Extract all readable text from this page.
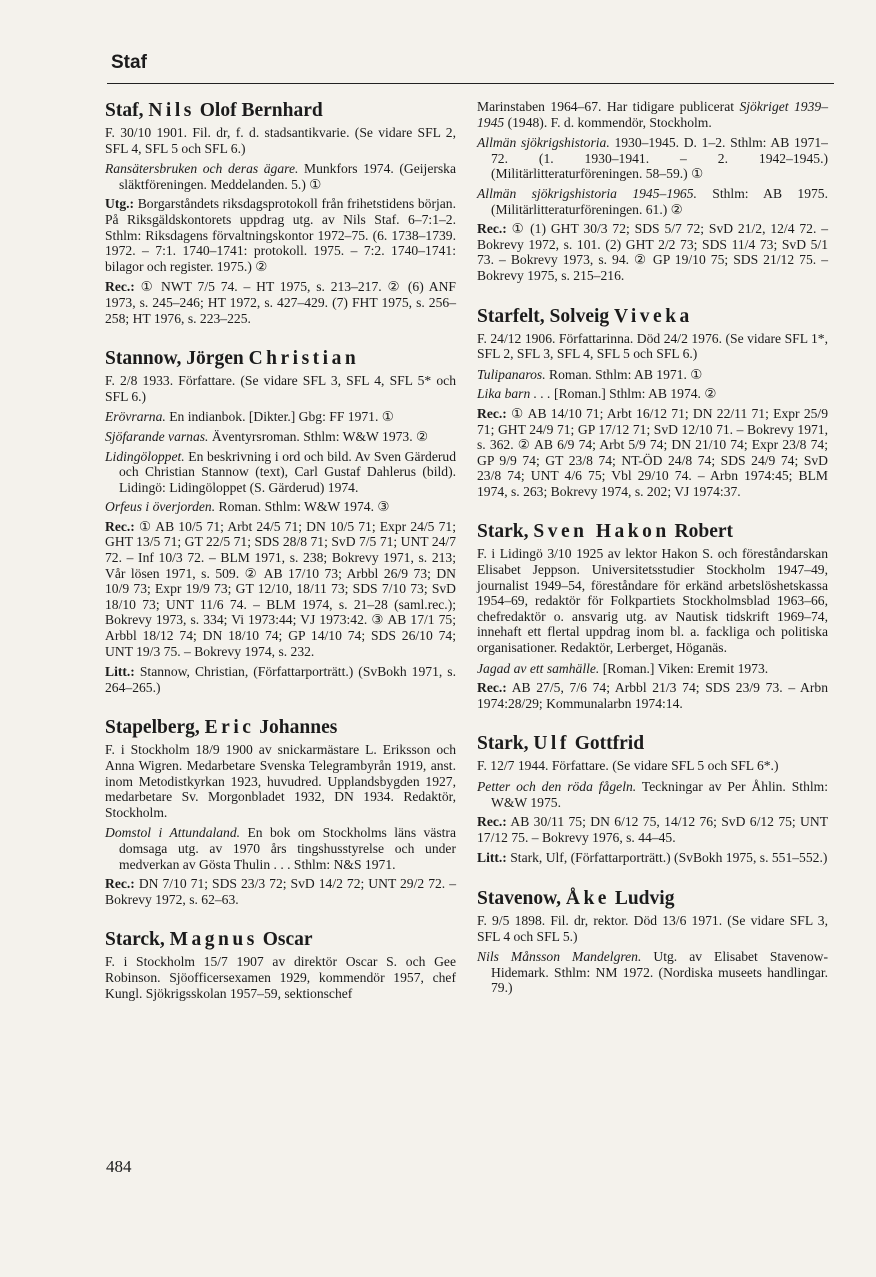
Staf
Staf, Nils Olof Bernhard

F. 30/10 1901. Fil. dr, f. d. stadsantikvarie. (Se vidare SFL 2, SFL 4, SFL 5 och SFL 6.)

Ransätersbruken och deras ägare. Munkfors 1974. (Geijerska släktföreningen. Meddelanden. 5.) ①

Utg.: Borgarståndets riksdagsprotokoll från frihetstidens början. På Riksgäldskontorets uppdrag utg. av Nils Staf. 6–7:1–2. Sthlm: Riksdagens förvaltningskontor 1972–75. (6. 1738–1739. 1972. – 7:1. 1740–1741: protokoll. 1975. – 7:2. 1740–1741: bilagor och register. 1975.) ②

Rec.: ① NWT 7/5 74. – HT 1975, s. 213–217. ② (6) ANF 1973, s. 245–246; HT 1972, s. 427–429. (7) FHT 1975, s. 256–258; HT 1976, s. 223–225.

Stannow, Jörgen Christian

F. 2/8 1933. Författare. (Se vidare SFL 3, SFL 4, SFL 5* och SFL 6.)

Erövrarna. En indianbok. [Dikter.] Gbg: FF 1971. ①

Sjöfarande varnas. Äventyrsroman. Sthlm: W&W 1973. ②

Lidingöloppet. En beskrivning i ord och bild. Av Sven Gärderud och Christian Stannow (text), Carl Gustaf Dahlerus (bild). Lidingö: Lidingöloppet (S. Gärderud) 1974.

Orfeus i överjorden. Roman. Sthlm: W&W 1974. ③

Rec.: ① AB 10/5 71; Arbt 24/5 71; DN 10/5 71; Expr 24/5 71; GHT 13/5 71; GT 22/5 71; SDS 28/8 71; SvD 7/5 71; UNT 24/7 72. – Inf 10/3 72. – BLM 1971, s. 238; Bokrevy 1971, s. 213; Vår lösen 1971, s. 509. ② AB 17/10 73; Arbbl 26/9 73; DN 10/9 73; Expr 19/9 73; GT 12/10, 18/11 73; SDS 7/10 73; SvD 18/10 73; UNT 11/6 74. – BLM 1974, s. 21–28 (saml.rec.); Bokrevy 1973, s. 334; Vi 1973:44; VJ 1973:42. ③ AB 17/1 75; Arbbl 18/12 74; DN 18/10 74; GP 14/10 74; SDS 26/10 74; UNT 19/3 75. – Bokrevy 1974, s. 232.

Litt.: Stannow, Christian, (Författarporträtt.) (SvBokh 1971, s. 264–265.)

Stapelberg, Eric Johannes

F. i Stockholm 18/9 1900 av snickarmästare L. Eriksson och Anna Wigren. Medarbetare Svenska Telegrambyrån 1919, anst. inom Metodistkyrkan 1923, huvudred. Upplandsbygden 1927, medarbetare Sv. Morgonbladet 1932, DN 1934. Redaktör, Stockholm.

Domstol i Attundaland. En bok om Stockholms läns västra domsaga utg. av 1970 års tingshusstyrelse och under medverkan av Gösta Thulin . . . Sthlm: N&S 1971.

Rec.: DN 7/10 71; SDS 23/3 72; SvD 14/2 72; UNT 29/2 72. – Bokrevy 1972, s. 62–63.

Starck, Magnus Oscar

F. i Stockholm 15/7 1907 av direktör Oscar S. och Gee Robinson. Sjöofficersexamen 1929, kommendör 1957, chef Kungl. Sjökrigsskolan 1957–59, sektionschef

Marinstaben 1964–67. Har tidigare publicerat Sjökriget 1939–1945 (1948). F. d. kommendör, Stockholm.

Allmän sjökrigshistoria. 1930–1945. D. 1–2. Sthlm: AB 1971–72. (1. 1930–1941. – 2. 1942–1945.) (Militärlitteraturföreningen. 58–59.) ①

Allmän sjökrigshistoria 1945–1965. Sthlm: AB 1975. (Militärlitteraturföreningen. 61.) ②

Rec.: ① (1) GHT 30/3 72; SDS 5/7 72; SvD 21/2, 12/4 72. – Bokrevy 1972, s. 101. (2) GHT 2/2 73; SDS 11/4 73; SvD 5/1 73. – Bokrevy 1973, s. 94. ② GP 19/10 75; SDS 21/12 75. – Bokrevy 1975, s. 215–216.

Starfelt, Solveig Viveka

F. 24/12 1906. Författarinna. Död 24/2 1976. (Se vidare SFL 1*, SFL 2, SFL 3, SFL 4, SFL 5 och SFL 6.)

Tulipanaros. Roman. Sthlm: AB 1971. ①

Lika barn . . . [Roman.] Sthlm: AB 1974. ②

Rec.: ① AB 14/10 71; Arbt 16/12 71; DN 22/11 71; Expr 25/9 71; GHT 24/9 71; GP 17/12 71; SvD 12/10 71. – Bokrevy 1971, s. 362. ② AB 6/9 74; Arbt 5/9 74; DN 21/10 74; Expr 23/8 74; GP 9/9 74; GT 23/8 74; NT-ÖD 24/8 74; SDS 24/9 74; SvD 23/8 74; UNT 4/6 75; Vbl 29/10 74. – Arbn 1974:45; BLM 1974, s. 263; Bokrevy 1974, s. 202; VJ 1974:37.

Stark, Sven Hakon Robert

F. i Lidingö 3/10 1925 av lektor Hakon S. och föreståndarskan Elisabet Jeppson. Universitetsstudier Stockholm 1947–49, journalist 1949–54, föreståndare för erkänd arbetslöshetskassa 1954–69, redaktör för Folkpartiets Stockholmsblad 1963–66, chefredaktör o. ansvarig utg. av Nautisk tidskrift 1969–74, innehaft ett flertal uppdrag inom bl. a. fackliga och politiska organisationer. Redaktör, Lerberget, Höganäs.

Jagad av ett samhälle. [Roman.] Viken: Eremit 1973.

Rec.: AB 27/5, 7/6 74; Arbbl 21/3 74; SDS 23/9 73. – Arbn 1974:28/29; Kommunalarbn 1974:14.

Stark, Ulf Gottfrid

F. 12/7 1944. Författare. (Se vidare SFL 5 och SFL 6*.)

Petter och den röda fågeln. Teckningar av Per Åhlin. Sthlm: W&W 1975.

Rec.: AB 30/11 75; DN 6/12 75, 14/12 76; SvD 6/12 75; UNT 17/12 75. – Bokrevy 1976, s. 44–45.

Litt.: Stark, Ulf, (Författarporträtt.) (SvBokh 1975, s. 551–552.)

Stavenow, Åke Ludvig

F. 9/5 1898. Fil. dr, rektor. Död 13/6 1971. (Se vidare SFL 3, SFL 4 och SFL 5.)

Nils Månsson Mandelgren. Utg. av Elisabet Stavenow-Hidemark. Sthlm: NM 1972. (Nordiska museets handlingar. 79.)

484
